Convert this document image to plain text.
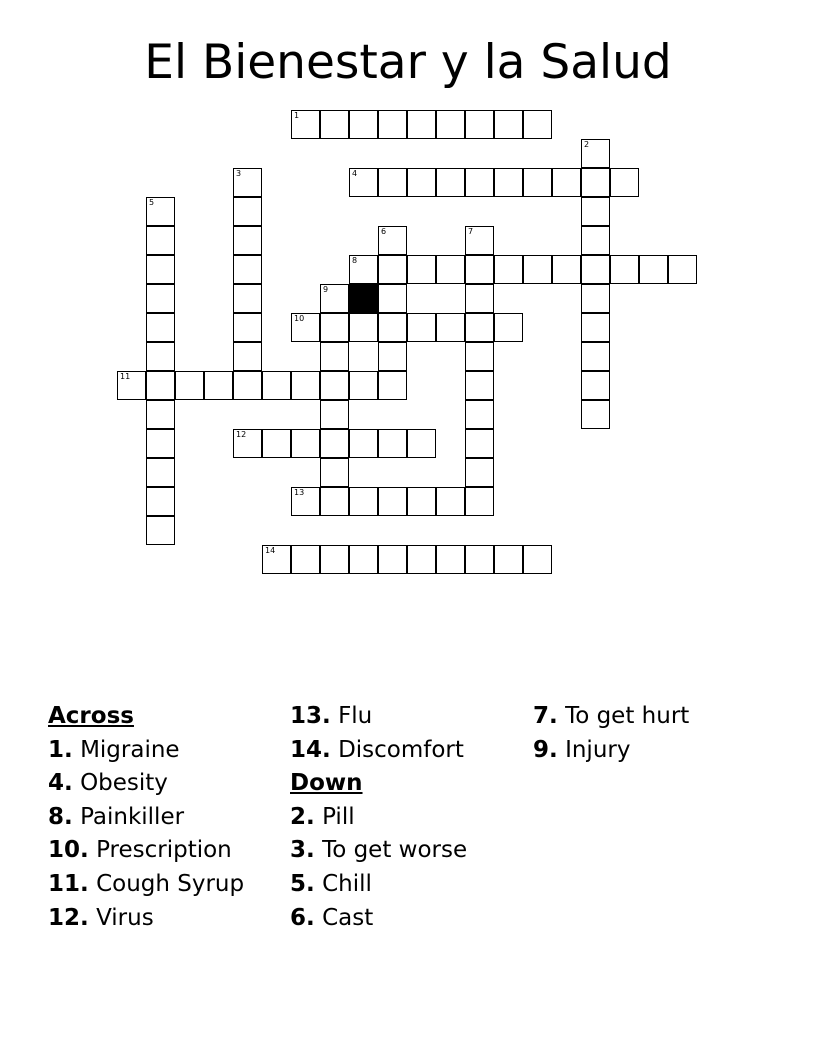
El Bienestar y la Salud
1
2
3	4
5
6	7
8
9
10
11
12
13
14
Across
1. Migraine
4. Obesity
8. Painkiller
10. Prescription
11. Cough Syrup
12. Virus
13. Flu
14. Discomfort
Down
2. Pill
3. To get worse
5. Chill
6. Cast
7. To get hurt
9. Injury
